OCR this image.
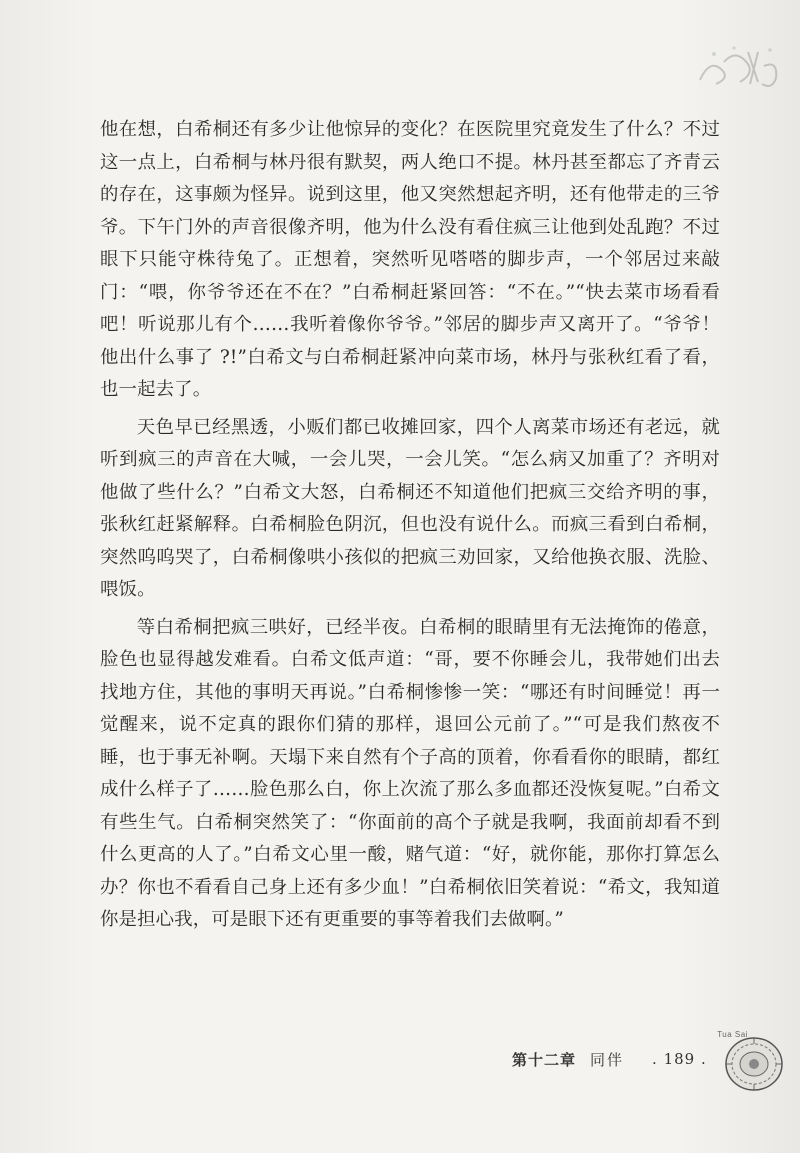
他在想，白希桐还有多少让他惊异的变化？在医院里究竟发生了什么？不过这一点上，白希桐与林丹很有默契，两人绝口不提。林丹甚至都忘了齐青云的存在，这事颇为怪异。说到这里，他又突然想起齐明，还有他带走的三爷爷。下午门外的声音很像齐明，他为什么没有看住疯三让他到处乱跑？不过眼下只能守株待兔了。正想着，突然听见嗒嗒的脚步声，一个邻居过来敲门：“喂，你爷爷还在不在？”白希桐赶紧回答：“不在。”“快去菜市场看看吧！听说那儿有个……我听着像你爷爷。”邻居的脚步声又离开了。“爷爷！他出什么事了 ?!”白希文与白希桐赶紧冲向菜市场，林丹与张秋红看了看，也一起去了。

天色早已经黑透，小贩们都已收摊回家，四个人离菜市场还有老远，就听到疯三的声音在大喊，一会儿哭，一会儿笑。“怎么病又加重了？齐明对他做了些什么？”白希文大怒，白希桐还不知道他们把疯三交给齐明的事，张秋红赶紧解释。白希桐脸色阴沉，但也没有说什么。而疯三看到白希桐，突然呜呜哭了，白希桐像哄小孩似的把疯三劝回家，又给他换衣服、洗脸、喂饭。

等白希桐把疯三哄好，已经半夜。白希桐的眼睛里有无法掩饰的倦意，脸色也显得越发难看。白希文低声道：“哥，要不你睡会儿，我带她们出去找地方住，其他的事明天再说。”白希桐惨惨一笑：“哪还有时间睡觉！再一觉醒来，说不定真的跟你们猜的那样，退回公元前了。”“可是我们熬夜不睡，也于事无补啊。天塌下来自然有个子高的顶着，你看看你的眼睛，都红成什么样子了……脸色那么白，你上次流了那么多血都还没恢复呢。”白希文有些生气。白希桐突然笑了：“你面前的高个子就是我啊，我面前却看不到什么更高的人了。”白希文心里一酸，赌气道：“好，就你能，那你打算怎么办？你也不看看自己身上还有多少血！”白希桐依旧笑着说：“希文，我知道你是担心我，可是眼下还有更重要的事等着我们去做啊。”

第十二章 同伴 . 189 .
Tua Sai
